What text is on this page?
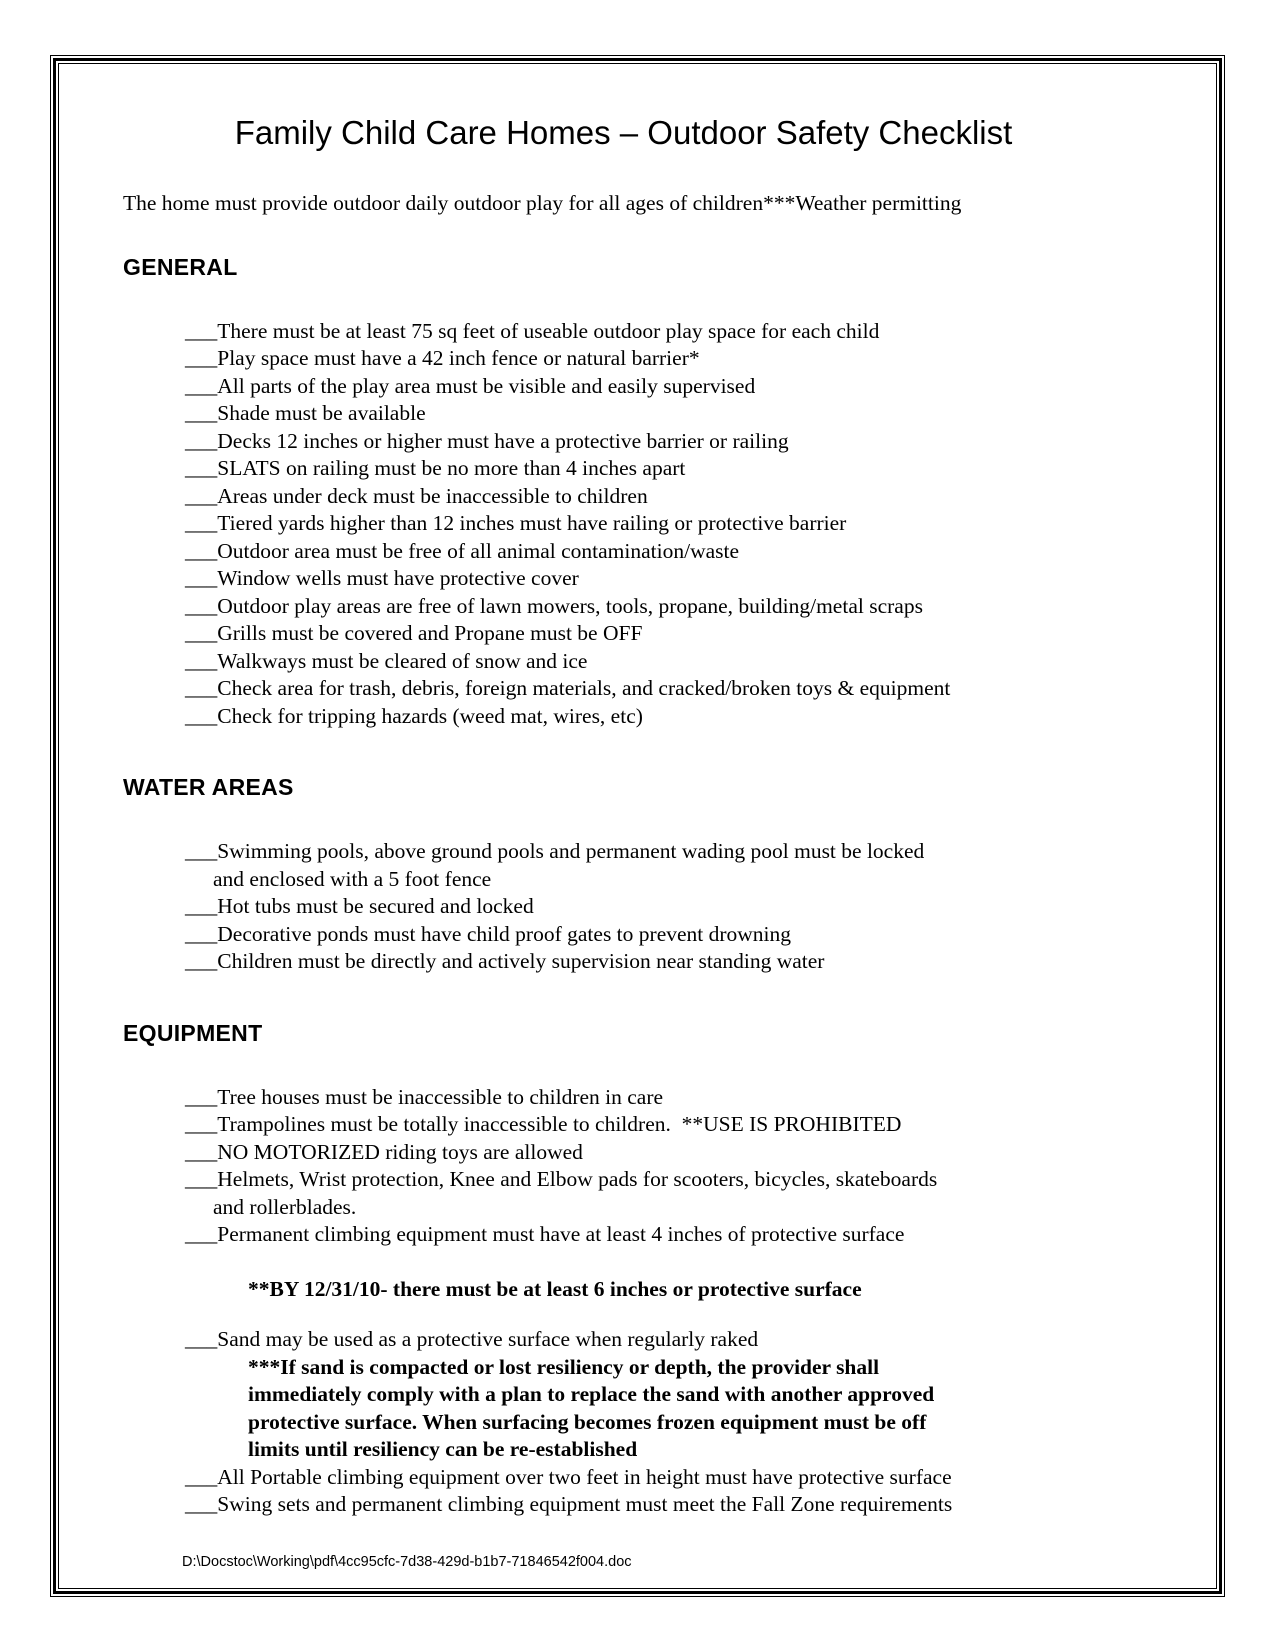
Family Child Care Homes – Outdoor Safety Checklist

The home must provide outdoor daily outdoor play for all ages of children***Weather permitting

GENERAL
___There must be at least 75 sq feet of useable outdoor play space for each child
___Play space must have a 42 inch fence or natural barrier*
___All parts of the play area must be visible and easily supervised
___Shade must be available
___Decks 12 inches or higher must have a protective barrier or railing
___SLATS on railing must be no more than 4 inches apart
___Areas under deck must be inaccessible to children
___Tiered yards higher than 12 inches must have railing or protective barrier
___Outdoor area must be free of all animal contamination/waste
___Window wells must have protective cover
___Outdoor play areas are free of lawn mowers, tools, propane, building/metal scraps
___Grills must be covered and Propane must be OFF
___Walkways must be cleared of snow and ice
___Check area for trash, debris, foreign materials, and cracked/broken toys & equipment
___Check for tripping hazards (weed mat, wires, etc)
WATER AREAS
___Swimming pools, above ground pools and permanent wading pool must be locked
and enclosed with a 5 foot fence
___Hot tubs must be secured and locked
___Decorative ponds must have child proof gates to prevent drowning
___Children must be directly and actively supervision near standing water
EQUIPMENT
___Tree houses must be inaccessible to children in care
___Trampolines must be totally inaccessible to children.  **USE IS PROHIBITED
___NO MOTORIZED riding toys are allowed
___Helmets, Wrist protection, Knee and Elbow pads for scooters, bicycles, skateboards
and rollerblades.
___Permanent climbing equipment must have at least 4 inches of protective surface
**BY 12/31/10- there must be at least 6 inches or protective surface
___Sand may be used as a protective surface when regularly raked
***If sand is compacted or lost resiliency or depth, the provider shall
immediately comply with a plan to replace the sand with another approved
protective surface. When surfacing becomes frozen equipment must be off
limits until resiliency can be re-established
___All Portable climbing equipment over two feet in height must have protective surface
___Swing sets and permanent climbing equipment must meet the Fall Zone requirements
D:\Docstoc\Working\pdf\4cc95cfc-7d38-429d-b1b7-71846542f004.doc
